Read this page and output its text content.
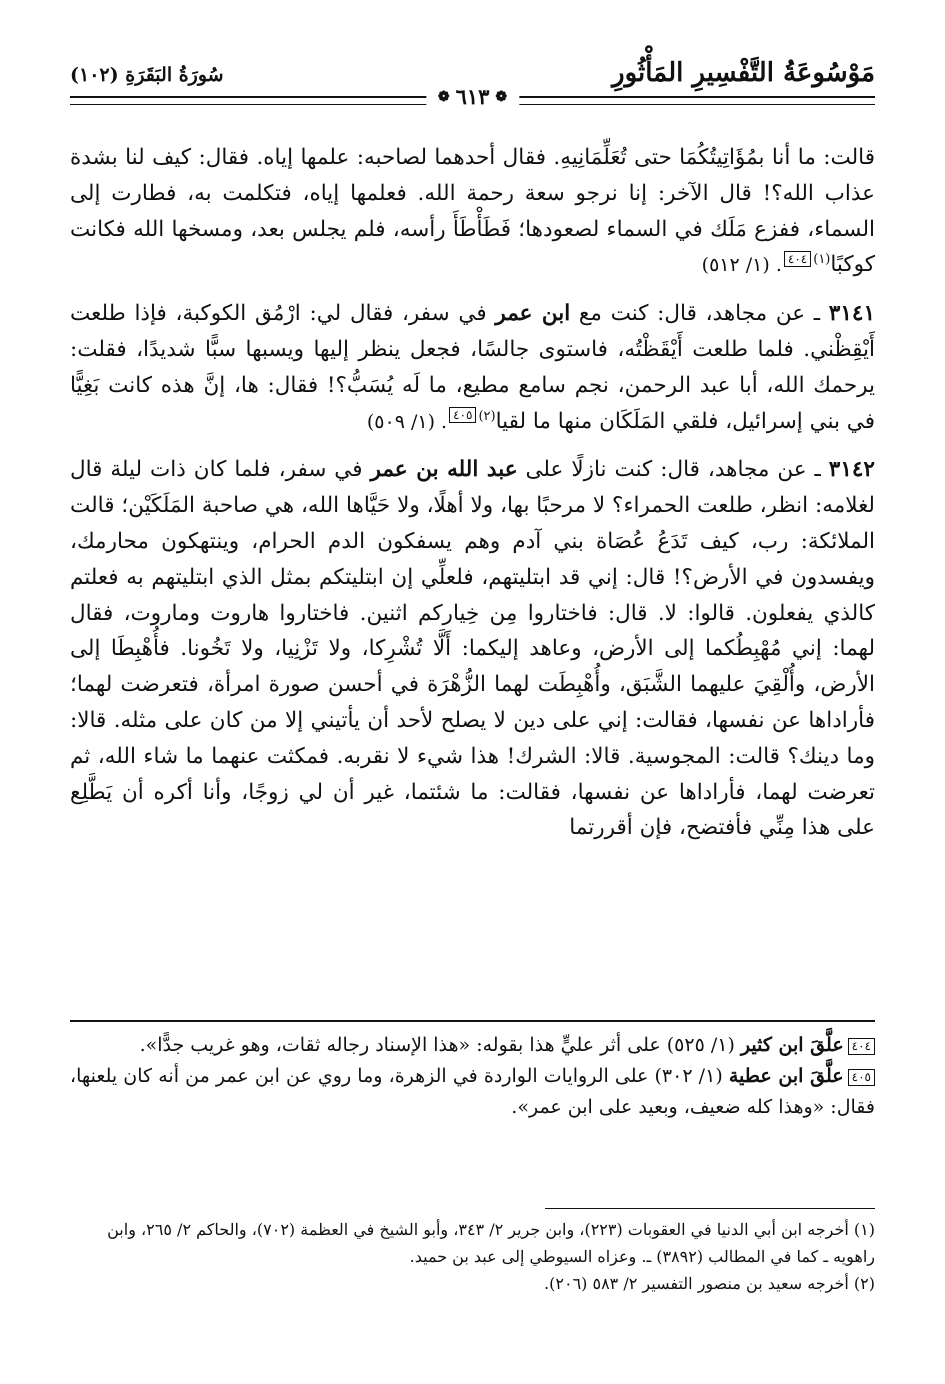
مَوْسُوعَةُ التَّفْسِيرِ المَأْثُورِ
سُورَةُ البَقَرَةِ (١٠٢)
❁
٦١٣
❁

قالت: ما أنا بمُؤَاتِيتُكُمَا حتى تُعَلِّمَانِيهِ. فقال أحدهما لصاحبه: علمها إياه. فقال: كيف لنا بشدة عذاب الله؟! قال الآخر: إنا نرجو سعة رحمة الله. فعلمها إياه، فتكلمت به، فطارت إلى السماء، ففزع مَلَك في السماء لصعودها؛ فَطَأْطَأَ رأسه، فلم يجلس بعد، ومسخها الله فكانت كوكبًا$^{(١)}$٤٠٤. (١/ ٥١٢)

٣١٤١ ـ عن مجاهد، قال: كنت مع ابن عمر في سفر، فقال لي: ارْمُق الكوكبة، فإذا طلعت أَيْقِظْني. فلما طلعت أَيْقَظْتُه، فاستوى جالسًا، فجعل ينظر إليها ويسبها سبًّا شديدًا، فقلت: يرحمك الله، أبا عبد الرحمن، نجم سامع مطيع، ما لَه يُسَبُّ؟! فقال: ها، إنَّ هذه كانت بَغِيًّا في بني إسرائيل، فلقي المَلَكَان منها ما لقيا$^{(٢)}$٤٠٥. (١/ ٥٠٩)

٣١٤٢ ـ عن مجاهد، قال: كنت نازلًا على عبد الله بن عمر في سفر، فلما كان ذات ليلة قال لغلامه: انظر، طلعت الحمراء؟ لا مرحبًا بها، ولا أهلًا، ولا حَيَّاها الله، هي صاحبة المَلَكَيْن؛ قالت الملائكة: رب، كيف تَدَعُ عُصَاة بني آدم وهم يسفكون الدم الحرام، وينتهكون محارمك، ويفسدون في الأرض؟! قال: إني قد ابتليتهم، فلعلِّي إن ابتليتكم بمثل الذي ابتليتهم به فعلتم كالذي يفعلون. قالوا: لا. قال: فاختاروا مِن خِياركم اثنين. فاختاروا هاروت وماروت، فقال لهما: إني مُهْبِطُكما إلى الأرض، وعاهد إليكما: أَلَّا تُشْرِكا، ولا تَزْنِيا، ولا تَخُونا. فأُهْبِطَا إلى الأرض، وأُلْقِيَ عليهما الشَّبَق، وأُهْبِطَت لهما الزُّهْرَة في أحسن صورة امرأة، فتعرضت لهما؛ فأراداها عن نفسها، فقالت: إني على دين لا يصلح لأحد أن يأتيني إلا من كان على مثله. قالا: وما دينك؟ قالت: المجوسية. قالا: الشرك! هذا شيء لا نقربه. فمكثت عنهما ما شاء الله، ثم تعرضت لهما، فأراداها عن نفسها، فقالت: ما شئتما، غير أن لي زوجًا، وأنا أكره أن يَطَّلِع على هذا مِنِّي فأفتضح، فإن أقررتما

٤٠٤علَّقَ ابن كثير (١/ ٥٢٥) على أثر عليٍّ هذا بقوله: «هذا الإسناد رجاله ثقات، وهو غريب جدًّا».

٤٠٥علَّقَ ابن عطية (١/ ٣٠٢) على الروايات الواردة في الزهرة، وما روي عن ابن عمر من أنه كان يلعنها، فقال: «وهذا كله ضعيف، وبعيد على ابن عمر».

(١) أخرجه ابن أبي الدنيا في العقوبات (٢٢٣)، وابن جرير ٢/ ٣٤٣، وأبو الشيخ في العظمة (٧٠٢)، والحاكم ٢/ ٢٦٥، وابن راهويه ـ كما في المطالب (٣٨٩٢) ـ. وعزاه السيوطي إلى عبد بن حميد.

(٢) أخرجه سعيد بن منصور التفسير ٢/ ٥٨٣ (٢٠٦).
